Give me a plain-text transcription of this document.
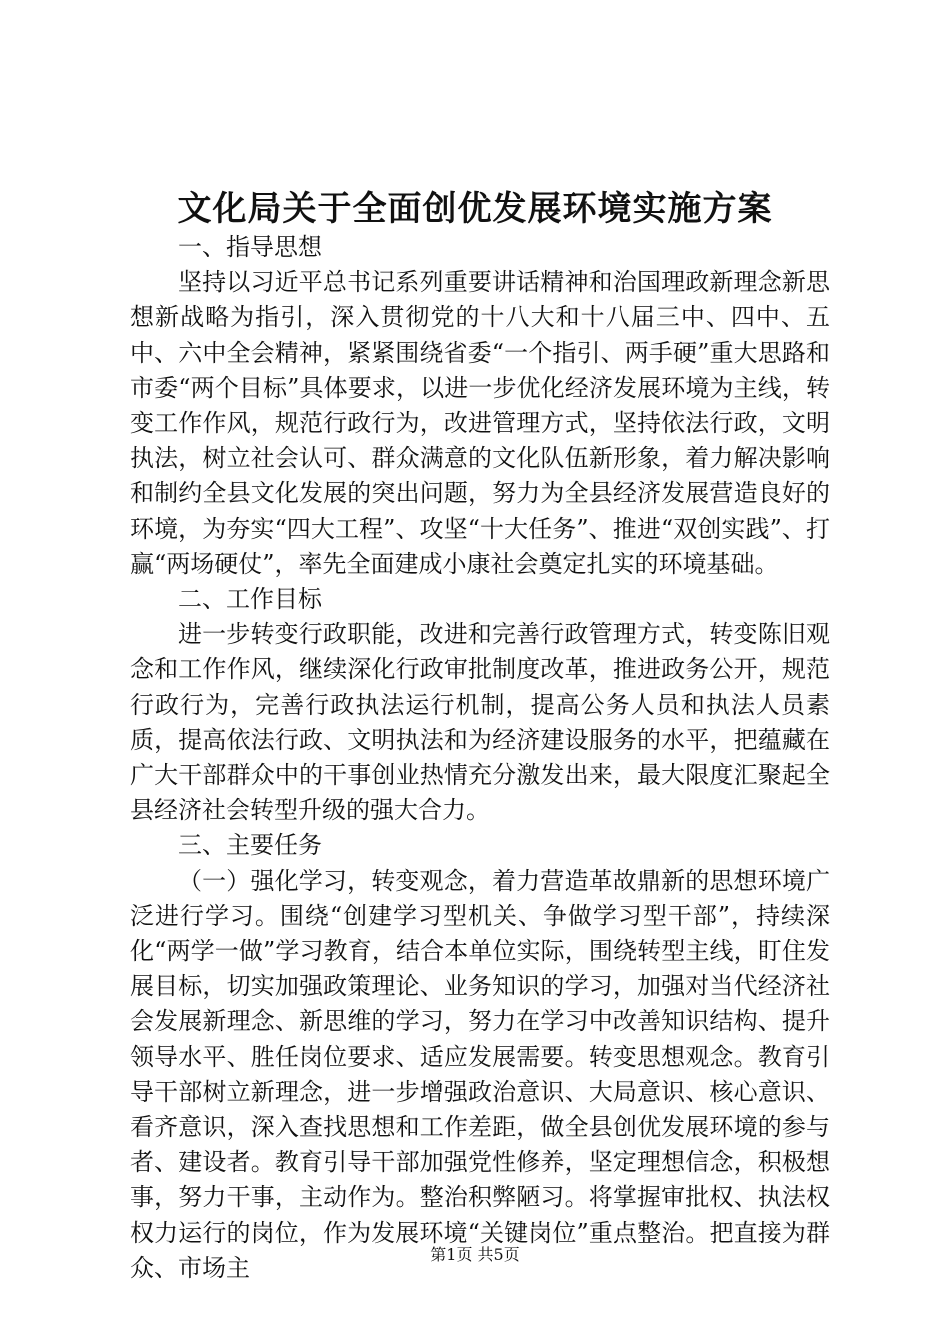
文化局关于全面创优发展环境实施方案

一、指导思想

坚持以习近平总书记系列重要讲话精神和治国理政新理念新思想新战略为指引，深入贯彻党的十八大和十八届三中、四中、五中、六中全会精神，紧紧围绕省委“一个指引、两手硬”重大思路和市委“两个目标”具体要求，以进一步优化经济发展环境为主线，转变工作作风，规范行政行为，改进管理方式，坚持依法行政，文明执法，树立社会认可、群众满意的文化队伍新形象，着力解决影响和制约全县文化发展的突出问题，努力为全县经济发展营造良好的环境，为夯实“四大工程”、攻坚“十大任务”、推进“双创实践”、打赢“两场硬仗”，率先全面建成小康社会奠定扎实的环境基础。

二、工作目标

进一步转变行政职能，改进和完善行政管理方式，转变陈旧观念和工作作风，继续深化行政审批制度改革，推进政务公开，规范行政行为，完善行政执法运行机制，提高公务人员和执法人员素质，提高依法行政、文明执法和为经济建设服务的水平，把蕴藏在广大干部群众中的干事创业热情充分激发出来，最大限度汇聚起全县经济社会转型升级的强大合力。

三、主要任务

（一）强化学习，转变观念，着力营造革故鼎新的思想环境广泛进行学习。围绕“创建学习型机关、争做学习型干部”，持续深化“两学一做”学习教育，结合本单位实际，围绕转型主线，盯住发展目标，切实加强政策理论、业务知识的学习，加强对当代经济社会发展新理念、新思维的学习，努力在学习中改善知识结构、提升领导水平、胜任岗位要求、适应发展需要。转变思想观念。教育引导干部树立新理念，进一步增强政治意识、大局意识、核心意识、看齐意识，深入查找思想和工作差距，做全县创优发展环境的参与者、建设者。教育引导干部加强党性修养，坚定理想信念，积极想事，努力干事，主动作为。整治积弊陋习。将掌握审批权、执法权权力运行的岗位，作为发展环境“关键岗位”重点整治。把直接为群众、市场主	第1页 共5页
